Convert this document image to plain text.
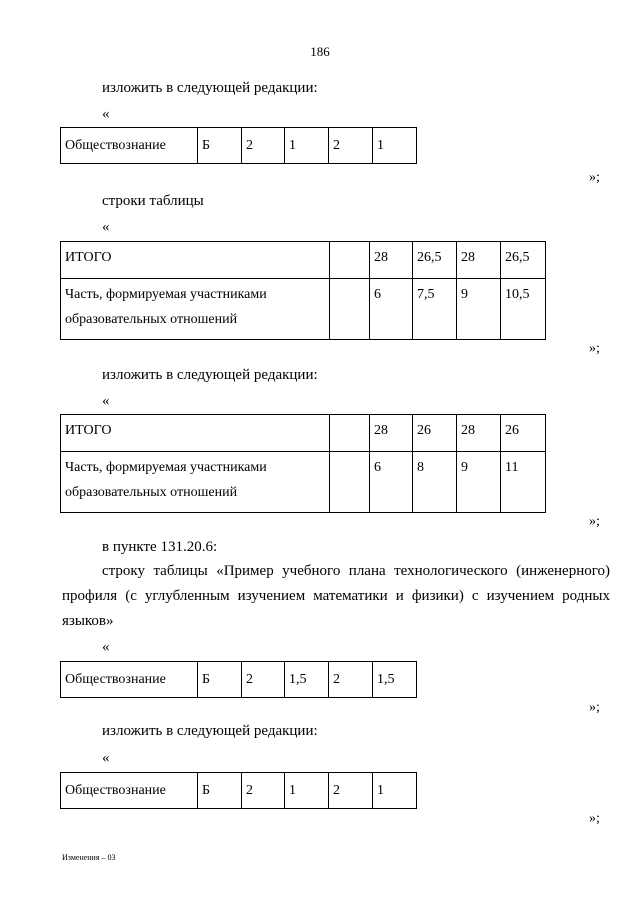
186
изложить в следующей редакции:
«
Обществознание	Б	2	1	2	1
»;
строки таблицы
«
ИТОГО		28	26,5	28	26,5
Часть, формируемая участниками образовательных отношений		6	7,5	9	10,5
»;
изложить в следующей редакции:
«
ИТОГО		28	26	28	26
Часть, формируемая участниками образовательных отношений		6	8	9	11
»;
в пункте 131.20.6:
строку таблицы «Пример учебного плана технологического (инженерного) профиля (с углубленным изучением математики и физики) с изучением родных языков»
«
Обществознание	Б	2	1,5	2	1,5
»;
изложить в следующей редакции:
«
Обществознание	Б	2	1	2	1
»;
Изменения – 03
